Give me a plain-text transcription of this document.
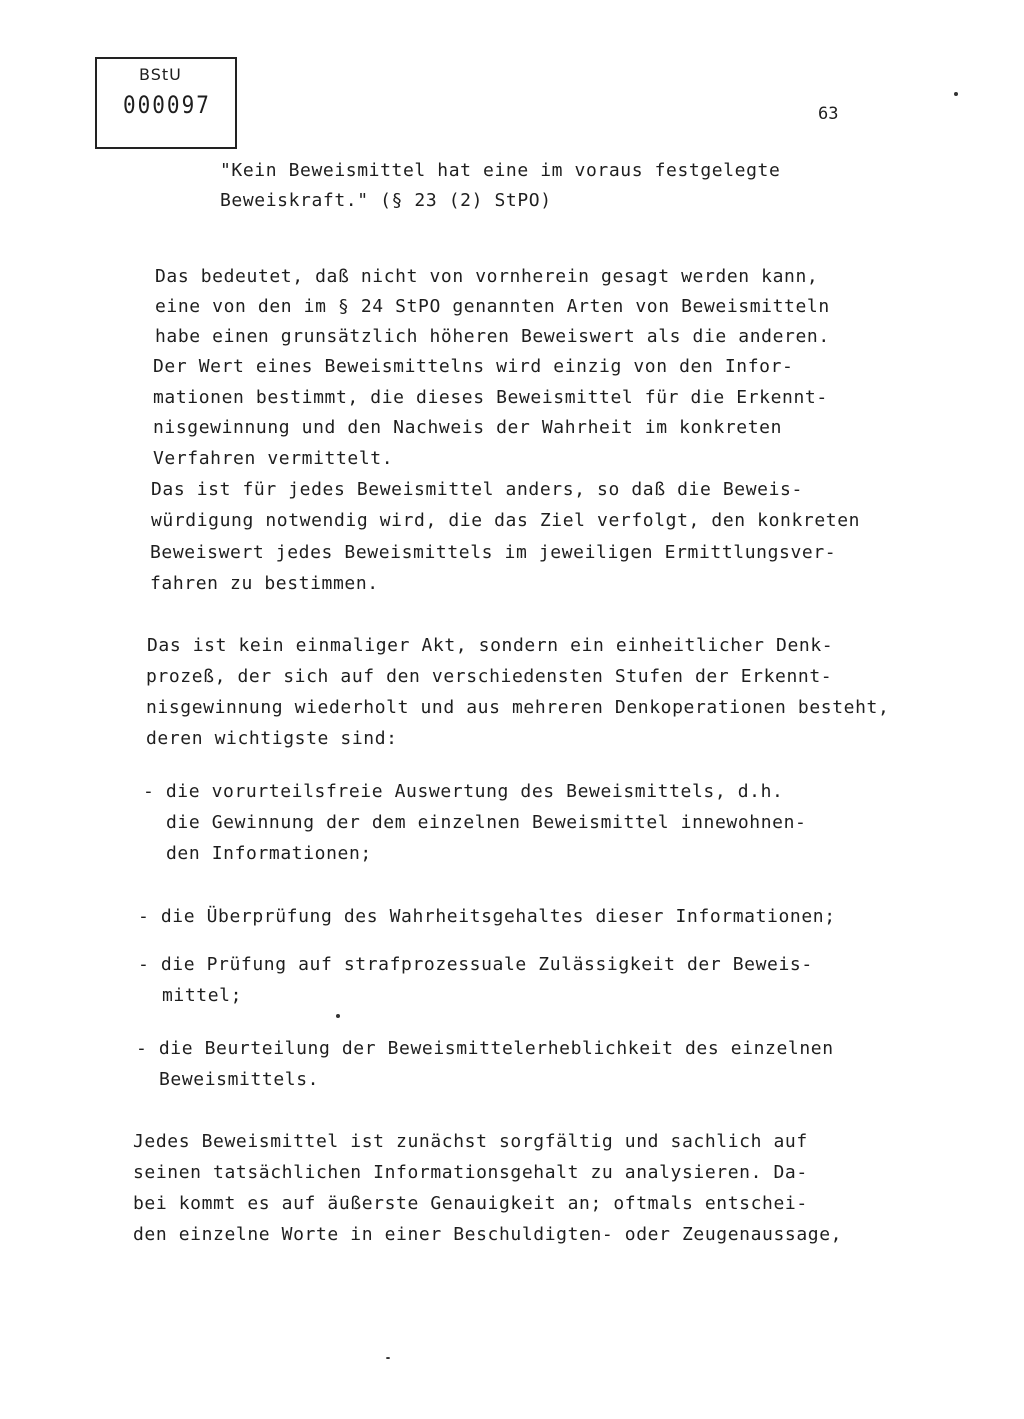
BStU
000097	63
"Kein Beweismittel hat eine im voraus festgelegte
Beweiskraft." (§ 23 (2) StPO)
Das bedeutet, daß nicht von vornherein gesagt werden kann,
eine von den im § 24 StPO genannten Arten von Beweismitteln
habe einen grunsätzlich höheren Beweiswert als die anderen.
Der Wert eines Beweismittelns wird einzig von den Infor-
mationen bestimmt, die dieses Beweismittel für die Erkennt-
nisgewinnung und den Nachweis der Wahrheit im konkreten
Verfahren vermittelt.
Das ist für jedes Beweismittel anders, so daß die Beweis-
würdigung notwendig wird, die das Ziel verfolgt, den konkreten
Beweiswert jedes Beweismittels im jeweiligen Ermittlungsver-
fahren zu bestimmen.
Das ist kein einmaliger Akt, sondern ein einheitlicher Denk-
prozeß, der sich auf den verschiedensten Stufen der Erkennt-
nisgewinnung wiederholt und aus mehreren Denkoperationen besteht,
deren wichtigste sind:
- die vorurteilsfreie Auswertung des Beweismittels, d.h.
die Gewinnung der dem einzelnen Beweismittel innewohnen-
den Informationen;
- die Überprüfung des Wahrheitsgehaltes dieser Informationen;
- die Prüfung auf strafprozessuale Zulässigkeit der Beweis-
mittel;
- die Beurteilung der Beweismittelerheblichkeit des einzelnen
Beweismittels.
Jedes Beweismittel ist zunächst sorgfältig und sachlich auf
seinen tatsächlichen Informationsgehalt zu analysieren. Da-
bei kommt es auf äußerste Genauigkeit an; oftmals entschei-
den einzelne Worte in einer Beschuldigten- oder Zeugenaussage,
